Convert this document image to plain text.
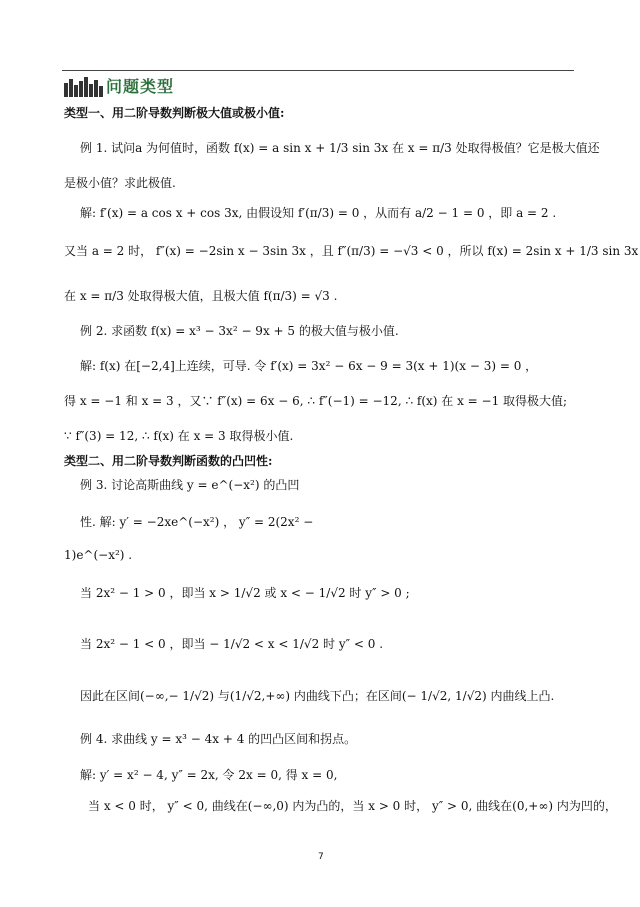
问题类型
类型一、用二阶导数判断极大值或极小值:
例 1. 试问a 为何值时，函数 f(x) = a sin x + 1/3 sin 3x 在 x = π/3 处取得极值？它是极大值还
是极小值？求此极值.
解: f′(x) = a cos x + cos 3x, 由假设知 f′(π/3) = 0 ，从而有 a/2 − 1 = 0 ，即 a = 2 .
又当 a = 2 时， f″(x) = −2sin x − 3sin 3x ，且 f″(π/3) = −√3 < 0 ，所以 f(x) = 2sin x + 1/3 sin 3x
在 x = π/3 处取得极大值，且极大值 f(π/3) = √3 .
例 2. 求函数 f(x) = x³ − 3x² − 9x + 5 的极大值与极小值.
解: f(x) 在[−2,4]上连续，可导. 令 f′(x) = 3x² − 6x − 9 = 3(x + 1)(x − 3) = 0 ，
得 x = −1 和 x = 3 ，又∵ f″(x) = 6x − 6, ∴ f″(−1) = −12, ∴ f(x) 在 x = −1 取得极大值;
∵ f″(3) = 12, ∴ f(x) 在 x = 3 取得极小值.
类型二、用二阶导数判断函数的凸凹性:
例 3. 讨论高斯曲线 y = e^(−x²) 的凸凹
性. 解: y′ = −2xe^(−x²) ， y″ = 2(2x² −
1)e^(−x²) .
当 2x² − 1 > 0 ，即当 x > 1/√2 或 x < − 1/√2 时 y″ > 0 ;
当 2x² − 1 < 0 ，即当 − 1/√2 < x < 1/√2 时 y″ < 0 .
因此在区间(−∞,− 1/√2) 与(1/√2,+∞) 内曲线下凸；在区间(− 1/√2, 1/√2) 内曲线上凸.
例 4. 求曲线 y = x³ − 4x + 4 的凹凸区间和拐点。
解: y′ = x² − 4, y″ = 2x, 令 2x = 0, 得 x = 0,
当 x < 0 时， y″ < 0, 曲线在(−∞,0) 内为凸的，当 x > 0 时， y″ > 0, 曲线在(0,+∞) 内为凹的，
7
